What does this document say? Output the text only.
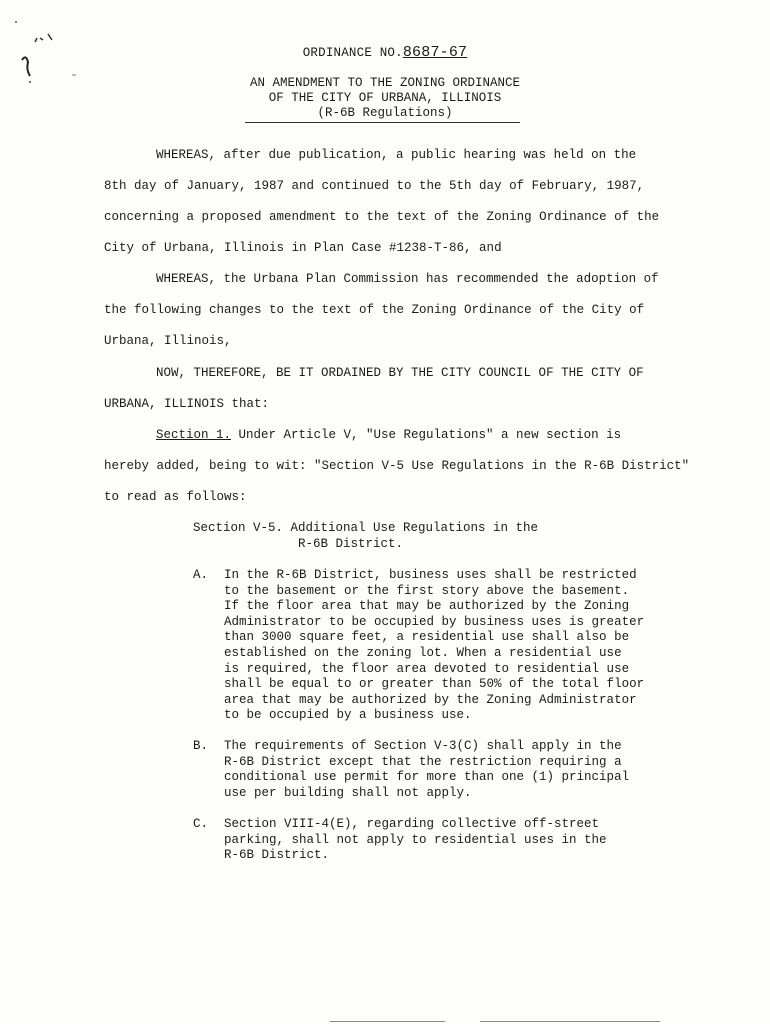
ORDINANCE NO.8687-67
AN AMENDMENT TO THE ZONING ORDINANCE
OF THE CITY OF URBANA, ILLINOIS
(R-6B Regulations)
WHEREAS, after due publication, a public hearing was held on the
8th day of January, 1987 and continued to the 5th day of February, 1987,
concerning a proposed amendment to the text of the Zoning Ordinance of the
City of Urbana, Illinois in Plan Case #1238-T-86, and
WHEREAS, the Urbana Plan Commission has recommended the adoption of
the following changes to the text of the Zoning Ordinance of the City of
Urbana, Illinois,
NOW, THEREFORE, BE IT ORDAINED BY THE CITY COUNCIL OF THE CITY OF
URBANA, ILLINOIS that:
Section 1. Under Article V, "Use Regulations" a new section is
hereby added, being to wit: "Section V-5 Use Regulations in the R-6B District"
to read as follows:
Section V-5. Additional Use Regulations in the
R-6B District.
A. In the R-6B District, business uses shall be restricted
to the basement or the first story above the basement.
If the floor area that may be authorized by the Zoning
Administrator to be occupied by business uses is greater
than 3000 square feet, a residential use shall also be
established on the zoning lot. When a residential use
is required, the floor area devoted to residential use
shall be equal to or greater than 50% of the total floor
area that may be authorized by the Zoning Administrator
to be occupied by a business use.
B. The requirements of Section V-3(C) shall apply in the
R-6B District except that the restriction requiring a
conditional use permit for more than one (1) principal
use per building shall not apply.
C. Section VIII-4(E), regarding collective off-street
parking, shall not apply to residential uses in the
R-6B District.
